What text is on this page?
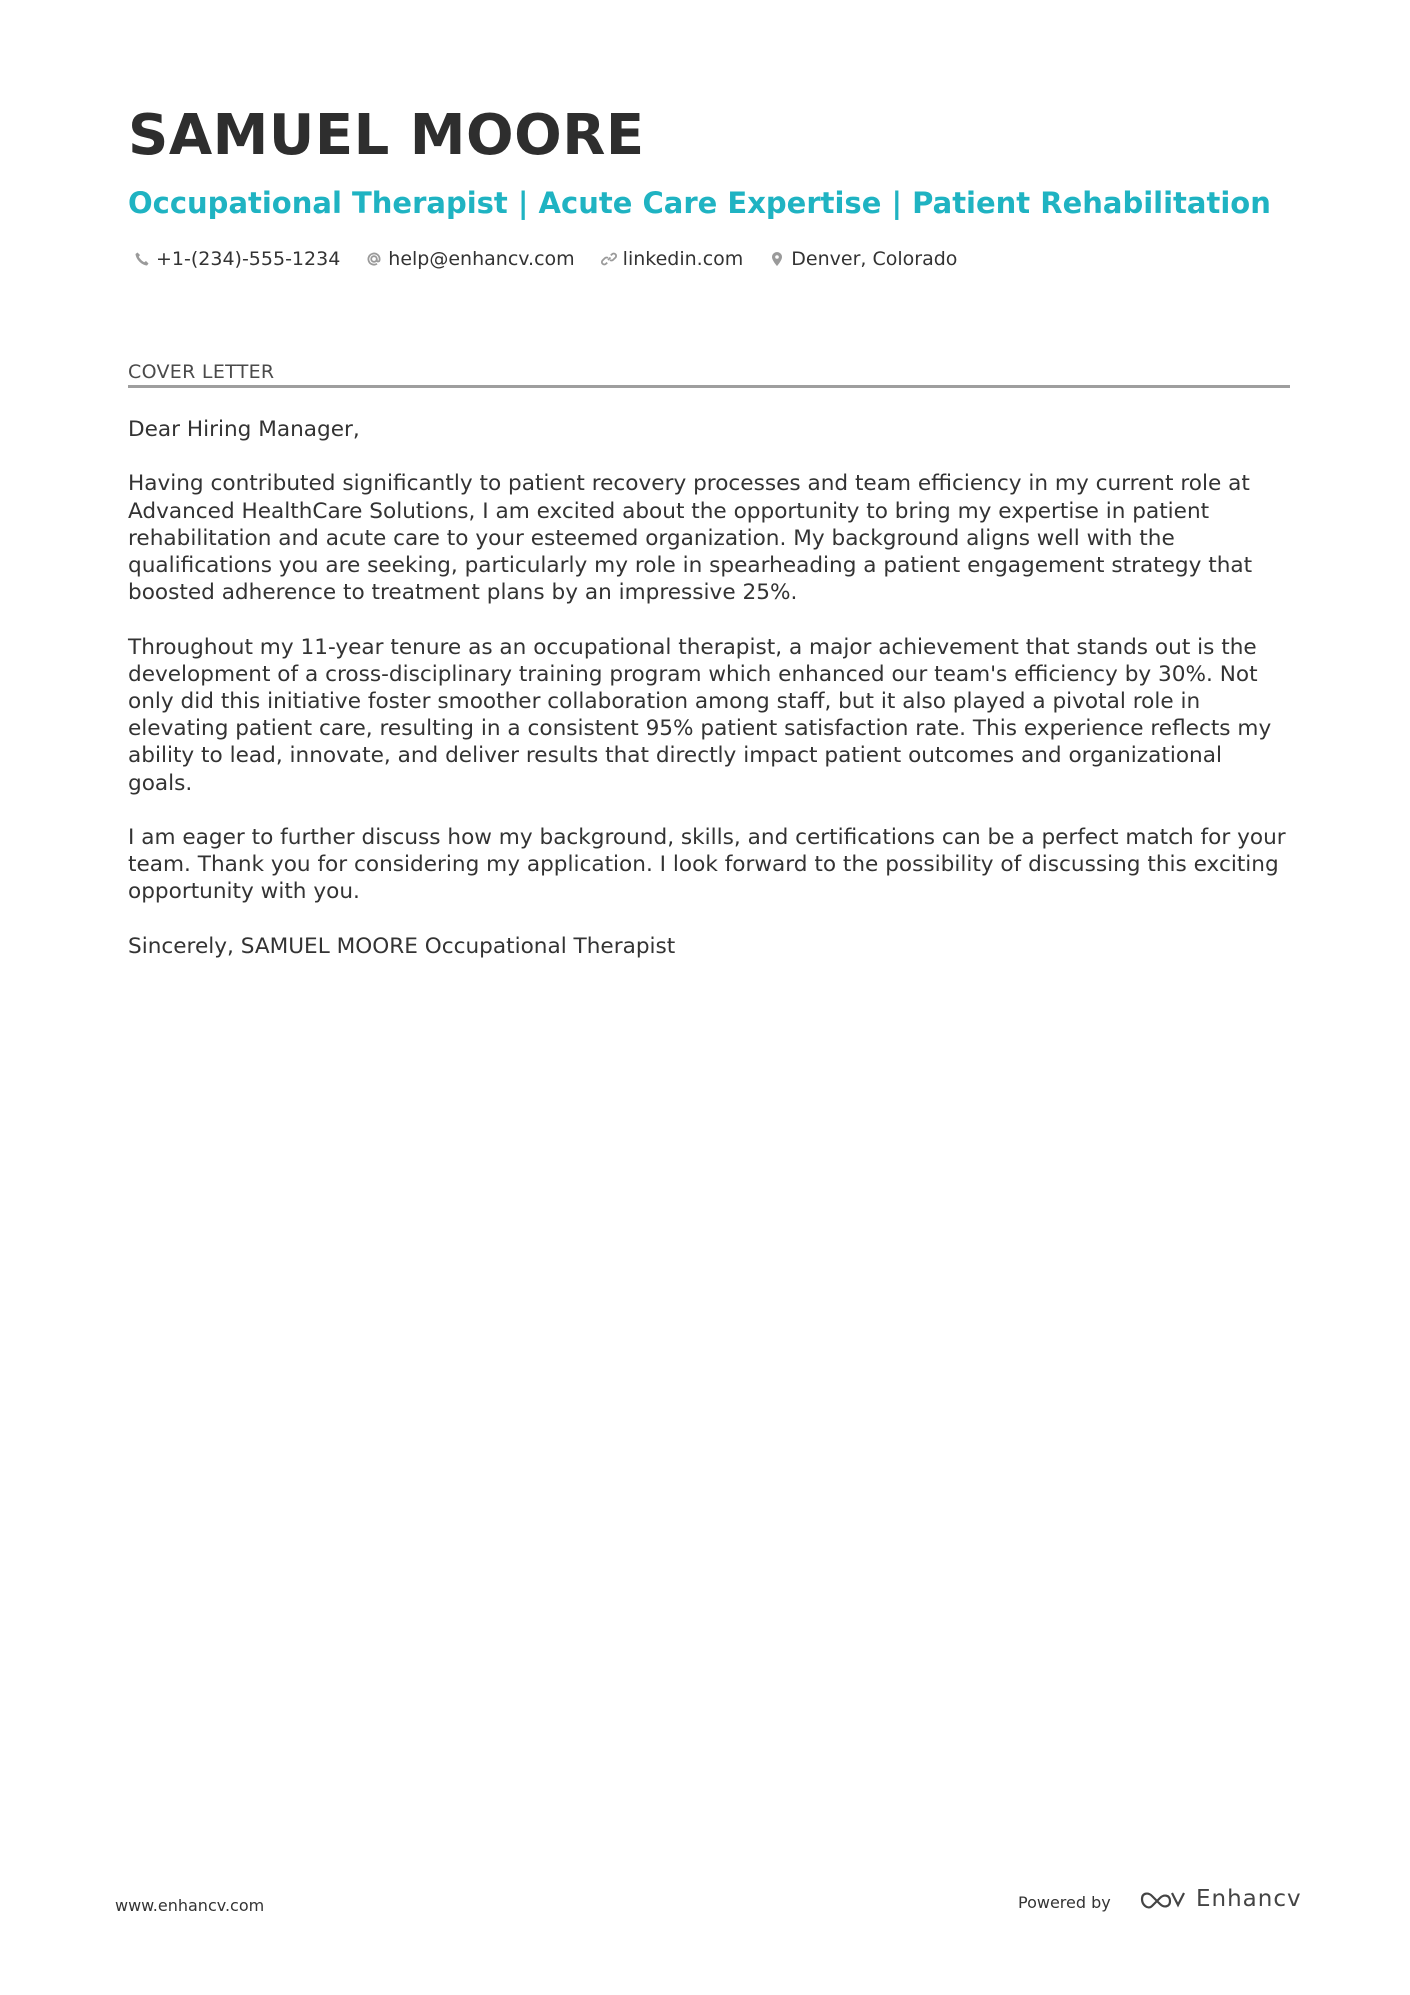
SAMUEL MOORE
Occupational Therapist | Acute Care Expertise | Patient Rehabilitation
+1-(234)-555-1234	help@enhancv.com	linkedin.com	Denver, Colorado
COVER LETTER

Dear Hiring Manager,

Having contributed significantly to patient recovery processes and team efficiency in my current role at Advanced HealthCare Solutions, I am excited about the opportunity to bring my expertise in patient rehabilitation and acute care to your esteemed organization. My background aligns well with the qualifications you are seeking, particularly my role in spearheading a patient engagement strategy that boosted adherence to treatment plans by an impressive 25%.

Throughout my 11-year tenure as an occupational therapist, a major achievement that stands out is the development of a cross-disciplinary training program which enhanced our team's efficiency by 30%. Not only did this initiative foster smoother collaboration among staff, but it also played a pivotal role in elevating patient care, resulting in a consistent 95% patient satisfaction rate. This experience reflects my ability to lead, innovate, and deliver results that directly impact patient outcomes and organizational goals.

I am eager to further discuss how my background, skills, and certifications can be a perfect match for your team. Thank you for considering my application. I look forward to the possibility of discussing this exciting opportunity with you.

Sincerely, SAMUEL MOORE Occupational Therapist

www.enhancv.com	Powered by	Enhancv
